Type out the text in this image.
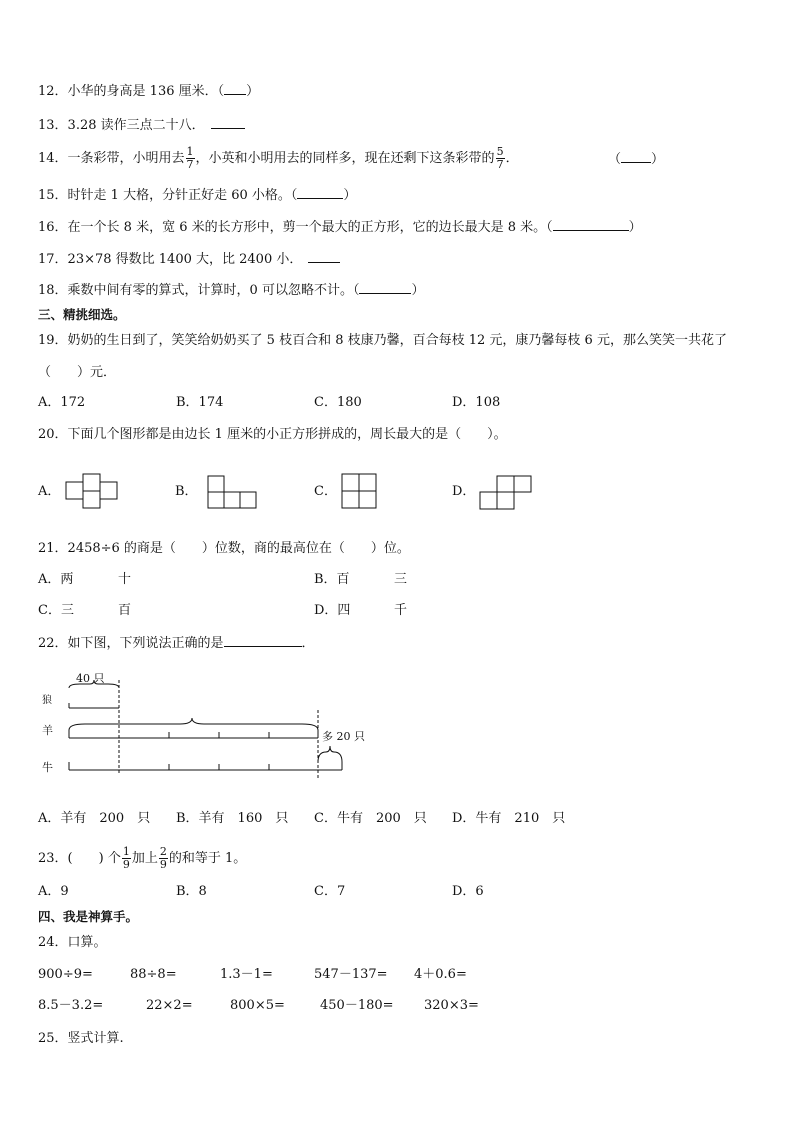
12．小华的身高是 136 厘米．（ ）
13．3.28 读作三点二十八．
14．一条彩带，小明用去 $\frac{1}{7}$ ，小英和小明用去的同样多，现在还剩下这条彩带的 $\frac{5}{7}$ ．	（ ）
15．时针走 1 大格，分针正好走 60 小格。（	）
16．在一个长 8 米，宽 6 米的长方形中，剪一个最大的正方形，它的边长最大是 8 米。（	）
17．23×78 得数比 1400 大，比 2400 小．
18．乘数中间有零的算式，计算时，0 可以忽略不计。（	）
三、精挑细选。
19．奶奶的生日到了，笑笑给奶奶买了 5 枝百合和 8 枝康乃馨，百合每枝 12 元，康乃馨每枝 6 元，那么笑笑一共花了
（　　）元．
A．172	B．174	C．180	D．108
20．下面几个图形都是由边长 1 厘米的小正方形拼成的，周长最大的是（　　）。
A．	B．	C．	D．
21．2458÷6 的商是（　　）位数，商的最高位在（　　）位。
A．两	十	B．百	三
C．三	百	D．四	千
22．如下图，下列说法正确的是	．
狼
羊
牛
40 只
多 20 只
A．羊有　200　只 B．羊有　160　只 C．牛有　200　只 D．牛有　210　只
23．(　　) 个 $\frac{1}{9}$ 加上 $\frac{2}{9}$ 的和等于 1。
A．9	B．8	C．7	D．6
四、我是神算手。
24．口算。
900÷9=	88÷8=	1.3－1=	547－137= 4＋0.6=
8.5－3.2=	22×2=	800×5=	450－180= 320×3=
25．竖式计算.
